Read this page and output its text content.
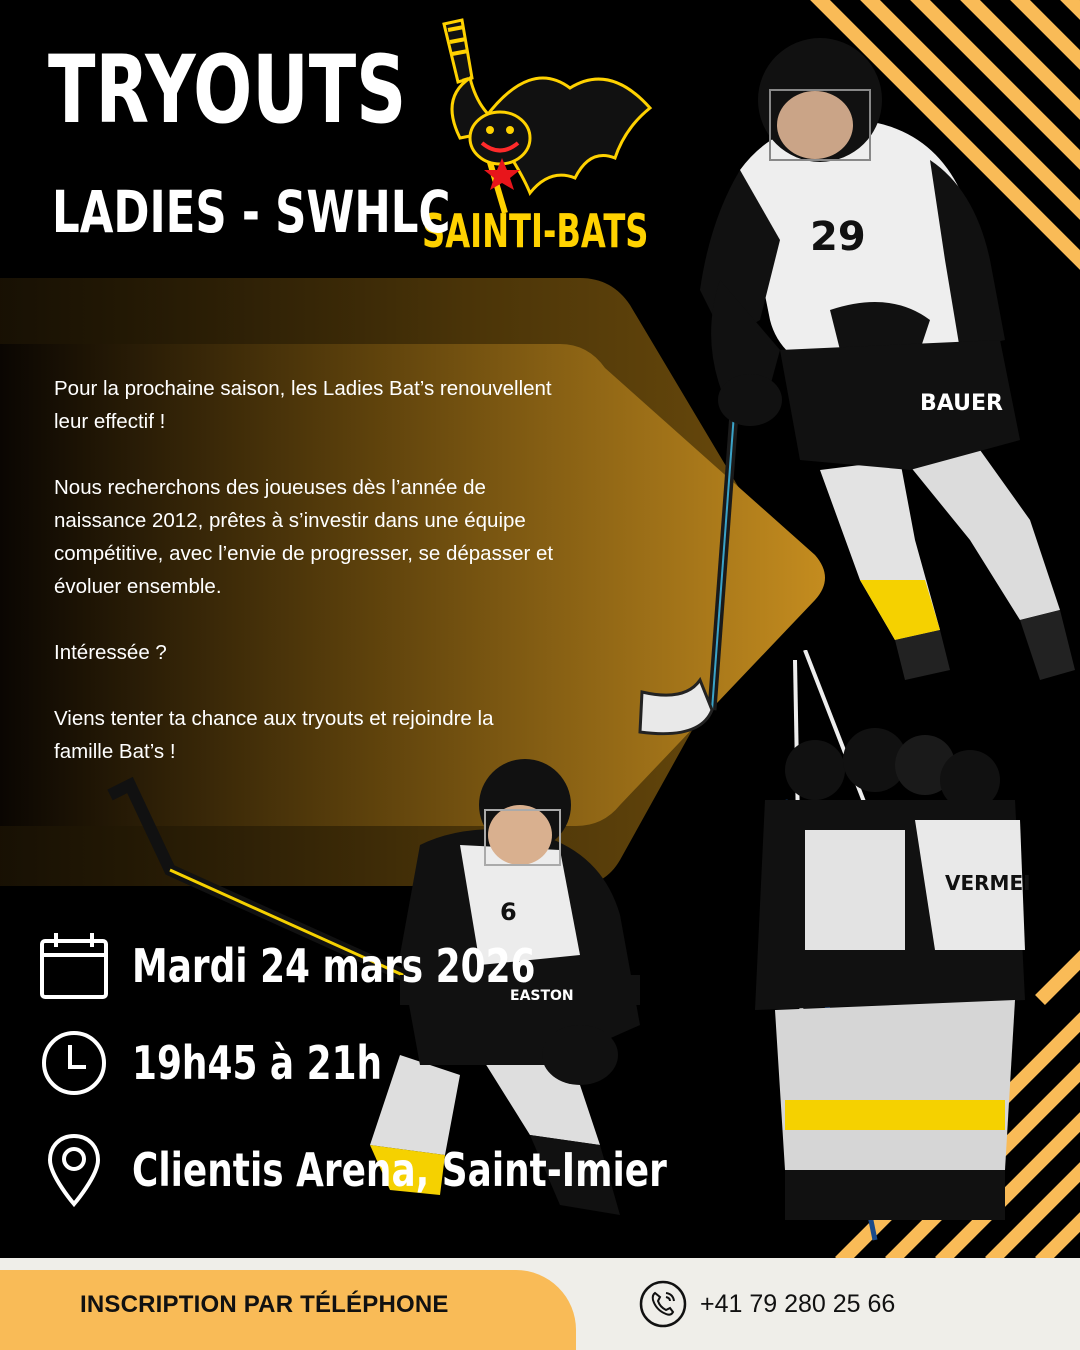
29
BAUER
6
EASTON
VERMEI
SAINTI-BATS
TRYOUTS
LADIES - SWHLC

Pour la prochaine saison, les Ladies Bat’s renouvellent leur effectif !

Nous recherchons des joueuses dès l’année de naissance 2012, prêtes à s’investir dans une équipe compétitive, avec l’envie de progresser, se dépasser et évoluer ensemble.

Intéressée ?

Viens tenter ta chance aux tryouts et rejoindre la famille Bat’s !

Mardi 24 mars 2026
19h45 à 21h
Clientis Arena, Saint-Imier
INSCRIPTION PAR TÉLÉPHONE	+41 79 280 25 66
